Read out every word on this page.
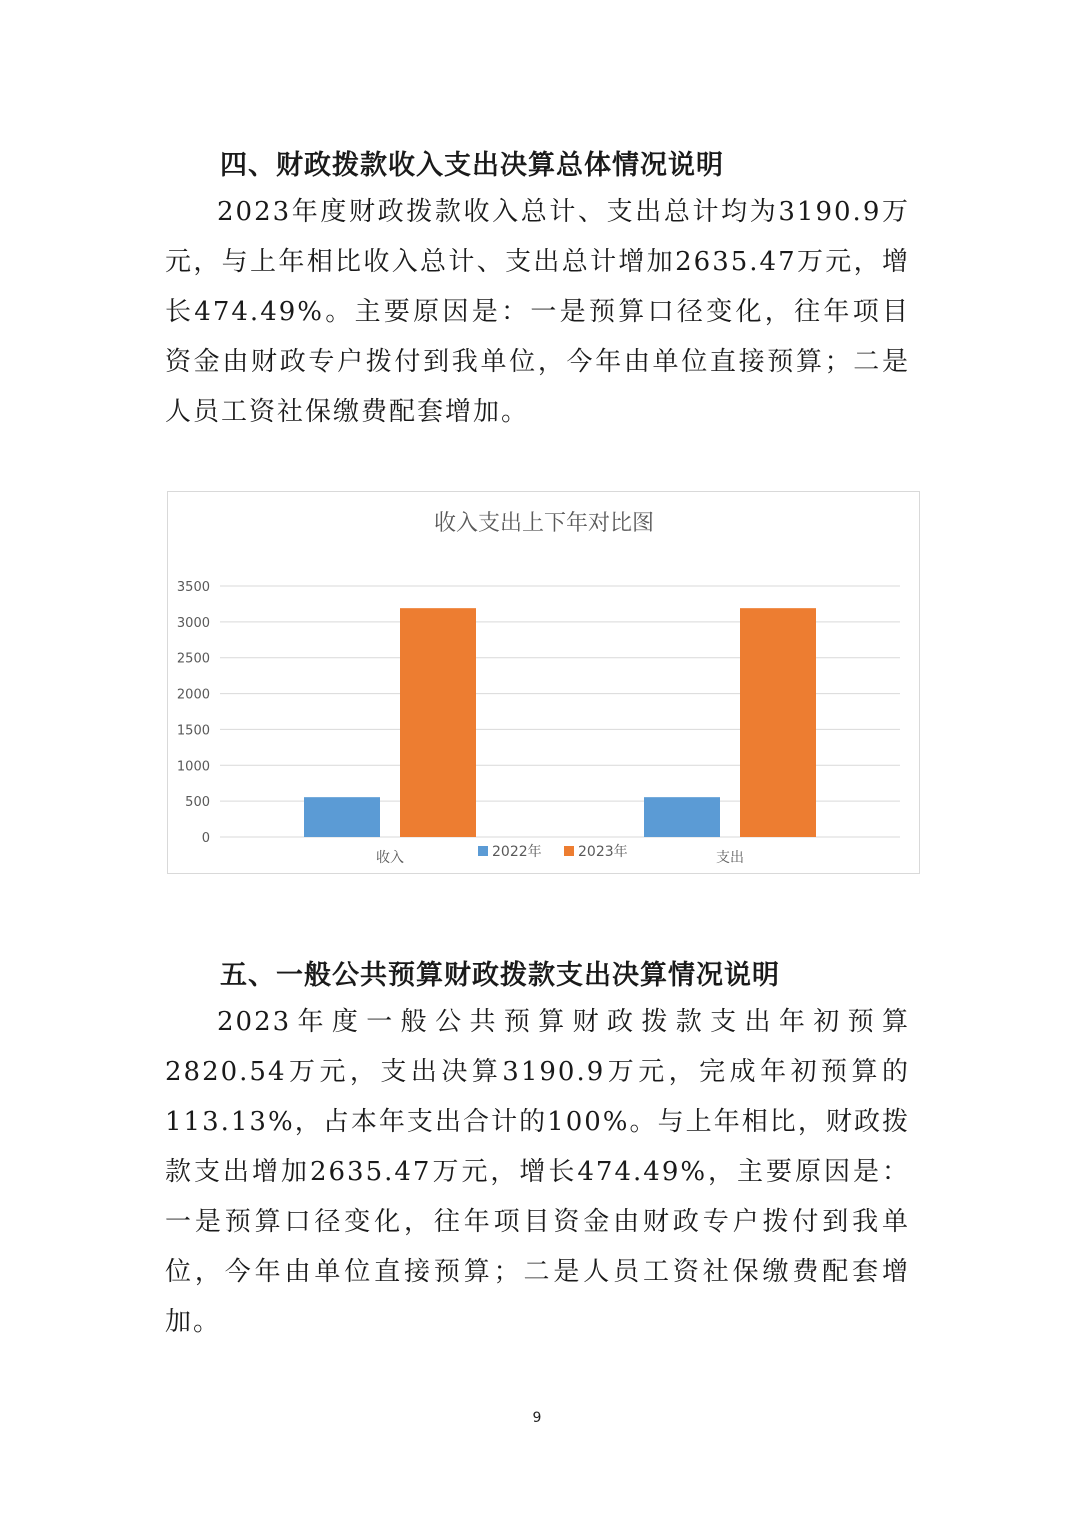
四、财政拨款收入支出决算总体情况说明

2023年度财政拨款收入总计、支出总计均为3190.9万元，与上年相比收入总计、支出总计增加2635.47万元，增长474.49%。主要原因是：一是预算口径变化，往年项目资金由财政专户拨付到我单位，今年由单位直接预算；二是人员工资社保缴费配套增加。

收入支出上下年对比图
0
500
1000
1500
2000
2500
3000
3500
收入	支出
2022年	2023年
五、一般公共预算财政拨款支出决算情况说明

2023年度一般公共预算财政拨款支出年初预算2820.54万元，支出决算3190.9万元，完成年初预算的113.13%，占本年支出合计的100%。与上年相比，财政拨款支出增加2635.47万元，增长474.49%，主要原因是：一是预算口径变化，往年项目资金由财政专户拨付到我单位，今年由单位直接预算；二是人员工资社保缴费配套增加。

9
